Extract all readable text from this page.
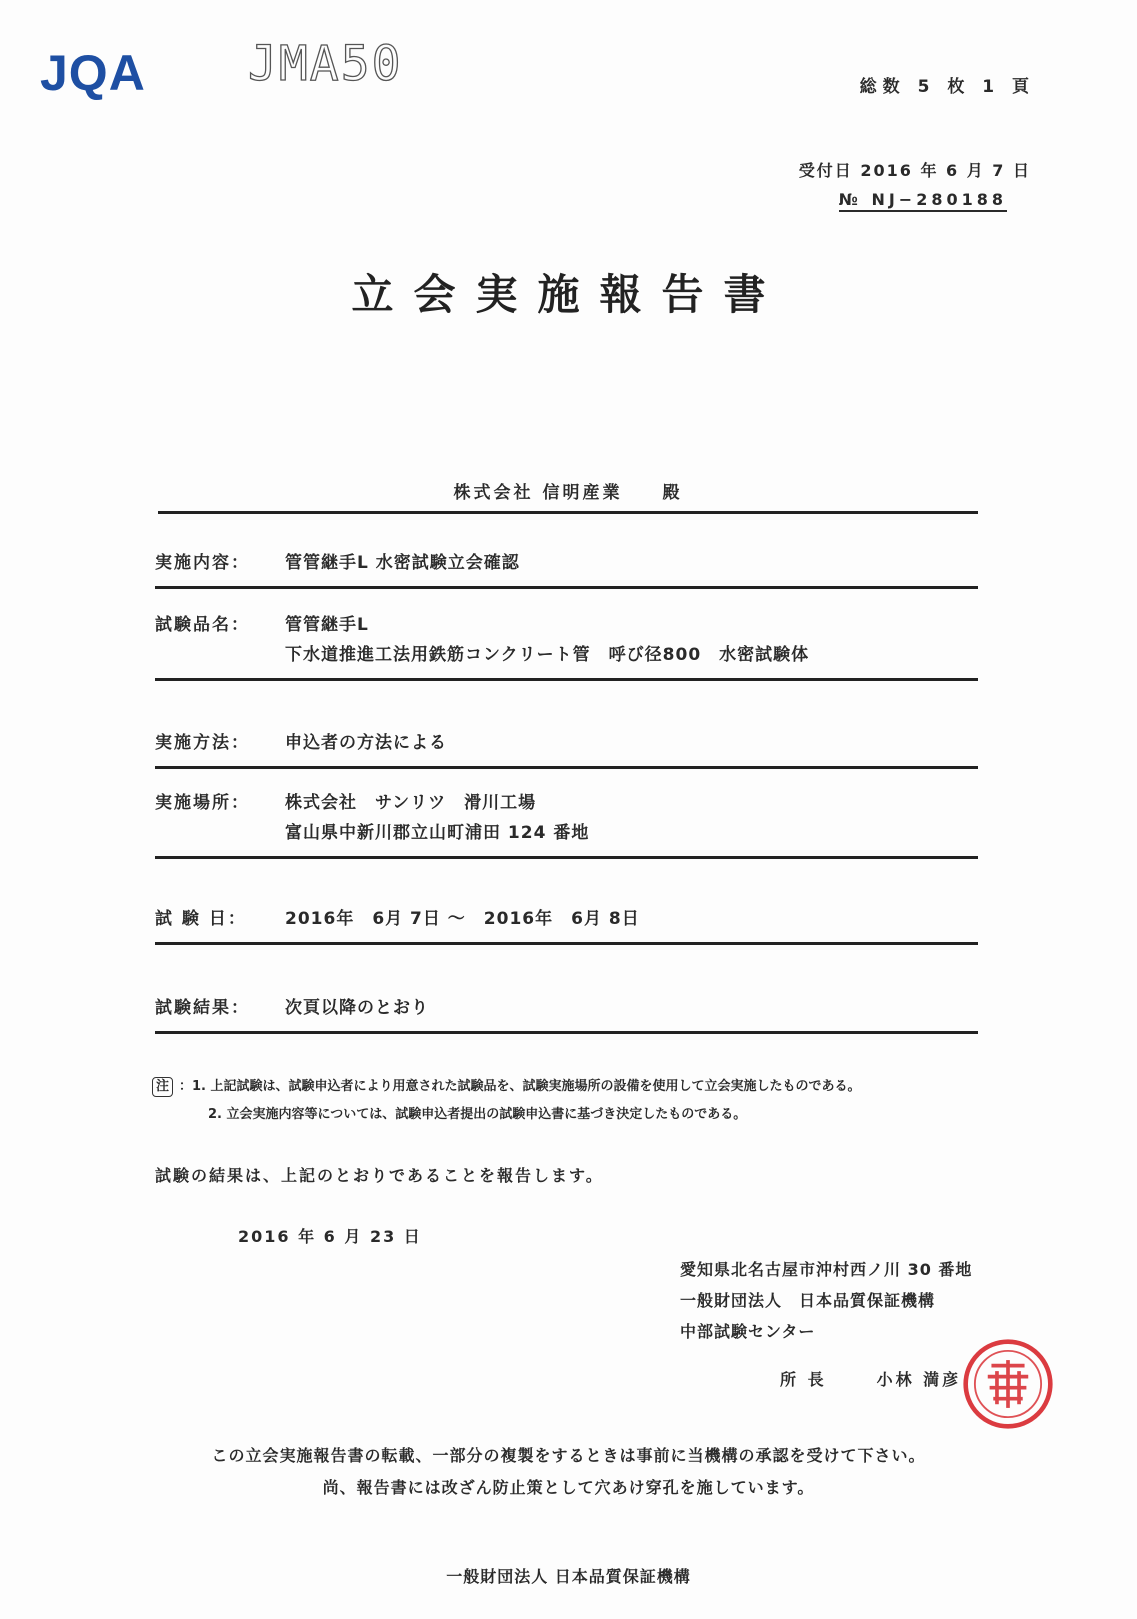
JQA JMA50	総数 5 枚 1 頁
受付日 2016 年 6 月 7 日
№ NJ−280188
立会実施報告書
株式会社 信明産業　　殿
実施内容：	管管継手L 水密試験立会確認
試験品名：	管管継手L
下水道推進工法用鉄筋コンクリート管　呼び径800　水密試験体
実施方法：	申込者の方法による
実施場所：	株式会社　サンリツ　滑川工場
富山県中新川郡立山町浦田 124 番地
試 験 日：	2016年　6月 7日 〜　2016年　6月 8日
試験結果：	次頁以降のとおり
注 ：1. 上記試験は、試験申込者により用意された試験品を、試験実施場所の設備を使用して立会実施したものである。
2. 立会実施内容等については、試験申込者提出の試験申込書に基づき決定したものである。
試験の結果は、上記のとおりであることを報告します。
2016 年 6 月 23 日
愛知県北名古屋市沖村西ノ川 30 番地
一般財団法人　日本品質保証機構
中部試験センター
所 長	小林 満彦
この立会実施報告書の転載、一部分の複製をするときは事前に当機構の承認を受けて下さい。
尚、報告書には改ざん防止策として穴あけ穿孔を施しています。
一般財団法人 日本品質保証機構
